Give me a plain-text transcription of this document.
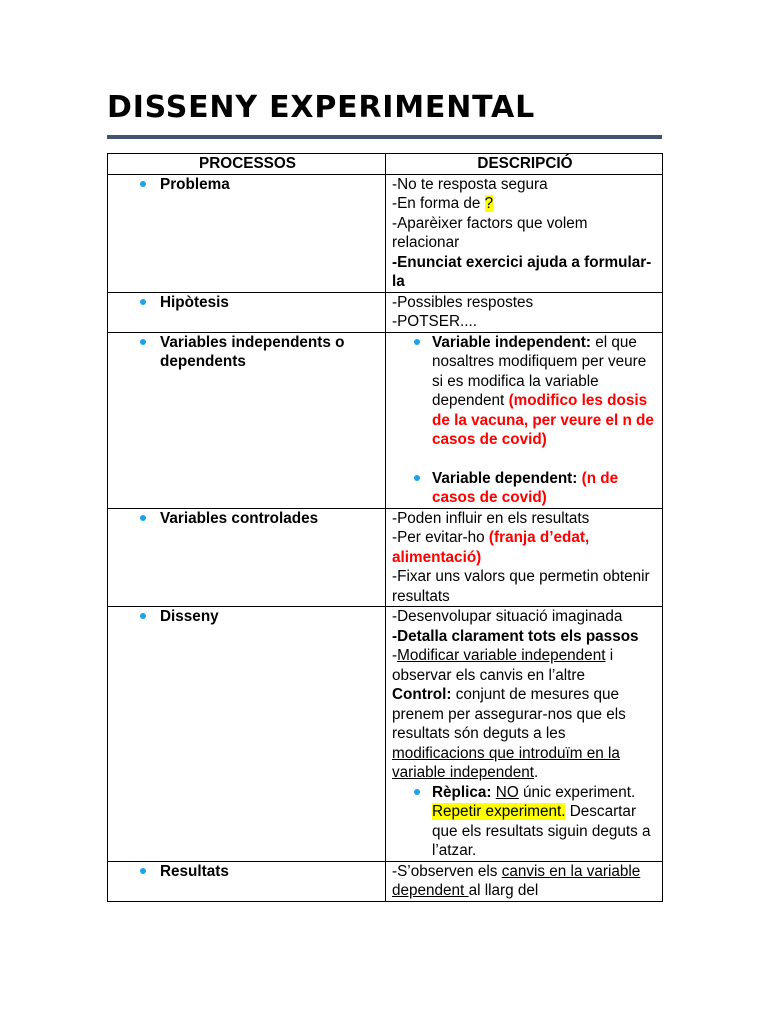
DISSENY EXPERIMENTAL
PROCESSOS	DESCRIPCIÓ

Problema	-No te resposta segura
-En forma de ?
-Aparèixer factors que volem relacionar
-Enunciat exercici ajuda a formular-la

Hipòtesis	-Possibles respostes
-POTSER....

Variables independents o dependents	Variable independent: el que nosaltres modifiquem per veure si es modifica la variable dependent (modifico les dosis de la vacuna, per veure el n de casos de covid)
Variable dependent: (n de casos de covid)

Variables controlades	-Poden influir en els resultats
-Per evitar-ho (franja d’edat, alimentació)
-Fixar uns valors que permetin obtenir resultats

Disseny	-Desenvolupar situació imaginada
-Detalla clarament tots els passos
-Modificar variable independent i observar els canvis en l’altre
Control: conjunt de mesures que prenem per assegurar-nos que els resultats són deguts a les modificacions que introduïm en la variable independent.
Rèplica: NO únic experiment. Repetir experiment. Descartar que els resultats siguin deguts a l’atzar.

Resultats	-S’observen els canvis en la variable dependent al llarg del
